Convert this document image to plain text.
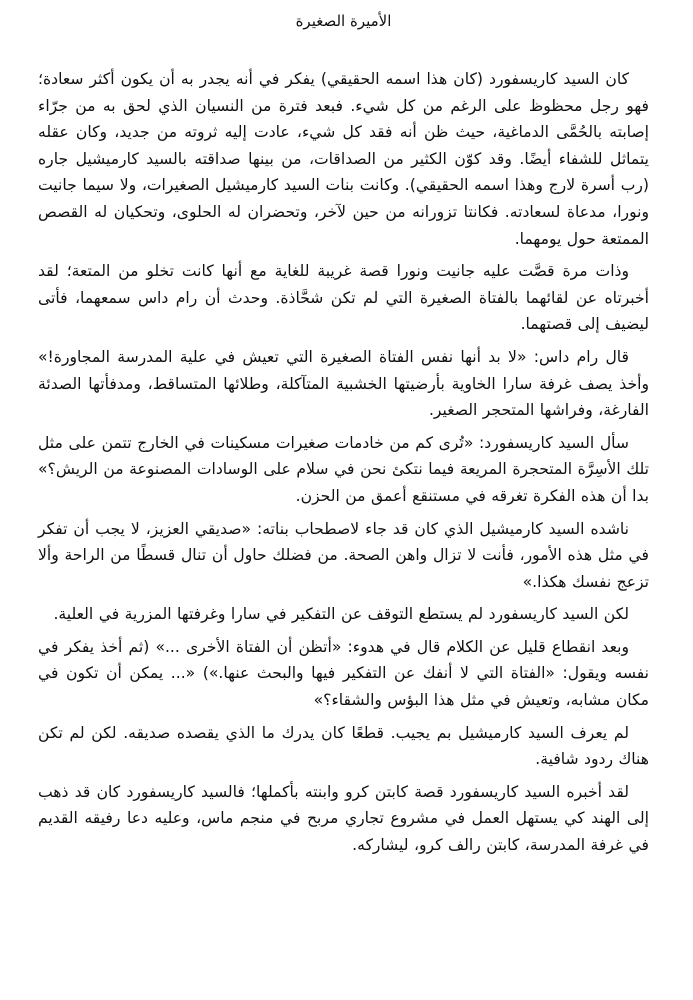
الأميرة الصغيرة

كان السيد كاريسفورد (كان هذا اسمه الحقيقي) يفكر في أنه يجدر به أن يكون أكثر سعادة؛ فهو رجل محظوظ على الرغم من كل شيء. فبعد فترة من النسيان الذي لحق به من جرّاء إصابته بالحُمَّى الدماغية، حيث ظن أنه فقد كل شيء، عادت إليه ثروته من جديد، وكان عقله يتماثل للشفاء أيضًا. وقد كوّن الكثير من الصداقات، من بينها صداقته بالسيد كارميشيل جاره (رب أسرة لارج وهذا اسمه الحقيقي). وكانت بنات السيد كارميشيل الصغيرات، ولا سيما جانيت ونورا، مدعاة لسعادته. فكانتا تزورانه من حين لآخر، وتحضران له الحلوى، وتحكيان له القصص الممتعة حول يومهما.

وذات مرة قصَّت عليه جانيت ونورا قصة غريبة للغاية مع أنها كانت تخلو من المتعة؛ لقد أخبرتاه عن لقائهما بالفتاة الصغيرة التي لم تكن شحَّاذة. وحدث أن رام داس سمعهما، فأتى ليضيف إلى قصتهما.

قال رام داس: «لا بد أنها نفس الفتاة الصغيرة التي تعيش في علية المدرسة المجاورة!» وأخذ يصف غرفة سارا الخاوية بأرضيتها الخشبية المتآكلة، وطلائها المتساقط، ومدفأتها الصدئة الفارغة، وفراشها المتحجر الصغير.

سأل السيد كاريسفورد: «تُرى كم من خادمات صغيرات مسكينات في الخارج تتمن على مثل تلك الأسِرَّة المتحجرة المريعة فيما نتكئ نحن في سلام على الوسادات المصنوعة من الريش؟» بدا أن هذه الفكرة تغرقه في مستنقع أعمق من الحزن.

ناشده السيد كارميشيل الذي كان قد جاء لاصطحاب بناته: «صديقي العزيز، لا يجب أن تفكر في مثل هذه الأمور، فأنت لا تزال واهن الصحة. من فضلك حاول أن تنال قسطًا من الراحة وألا تزعج نفسك هكذا.»

لكن السيد كاريسفورد لم يستطع التوقف عن التفكير في سارا وغرفتها المزرية في العلية.

وبعد انقطاع قليل عن الكلام قال في هدوء: «أتظن أن الفتاة الأخرى ...» (ثم أخذ يفكر في نفسه ويقول: «الفتاة التي لا أنفك عن التفكير فيها والبحث عنها.») «... يمكن أن تكون في مكان مشابه، وتعيش في مثل هذا البؤس والشقاء؟»

لم يعرف السيد كارميشيل بم يجيب. قطعًا كان يدرك ما الذي يقصده صديقه. لكن لم تكن هناك ردود شافية.

لقد أخبره السيد كاريسفورد قصة كابتن كرو وابنته بأكملها؛ فالسيد كاريسفورد كان قد ذهب إلى الهند كي يستهل العمل في مشروع تجاري مربح في منجم ماس، وعليه دعا رفيقه القديم في غرفة المدرسة، كابتن رالف كرو، ليشاركه.
